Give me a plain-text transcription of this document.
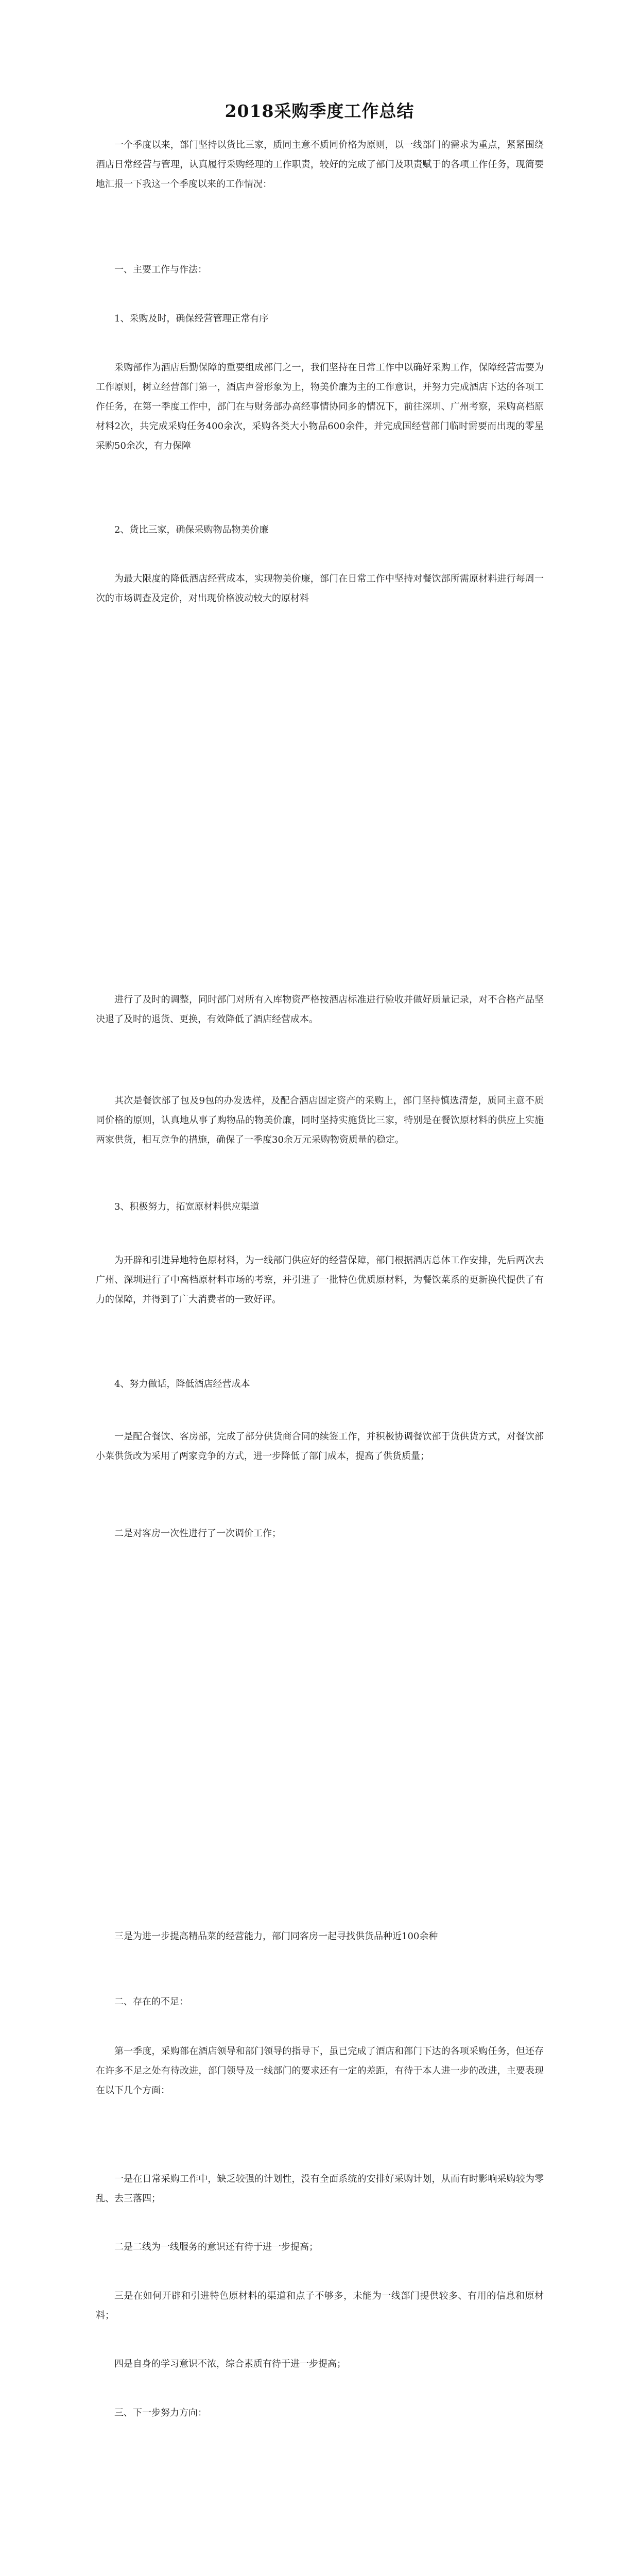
2018采购季度工作总结

一个季度以来，部门坚持以货比三家，质同主意不质同价格为原则，以一线部门的需求为重点，紧紧围绕酒店日常经营与管理，认真履行采购经理的工作职责，较好的完成了部门及职责赋于的各项工作任务，现简要地汇报一下我这一个季度以来的工作情况：

一、主要工作与作法：

1、采购及时，确保经营管理正常有序

采购部作为酒店后勤保障的重要组成部门之一，我们坚持在日常工作中以确好采购工作，保障经营需要为工作原则，树立经营部门第一，酒店声誉形象为上，物美价廉为主的工作意识，并努力完成酒店下达的各项工作任务，在第一季度工作中，部门在与财务部办高经事情协同多的情况下，前往深圳、广州考察，采购高档原材料2次，共完成采购任务400余次，采购各类大小物品600余件，并完成国经营部门临时需要而出现的零星采购50余次，有力保障

2、货比三家，确保采购物品物美价廉

为最大限度的降低酒店经营成本，实现物美价廉，部门在日常工作中坚持对餐饮部所需原材料进行每周一次的市场调查及定价，对出现价格波动较大的原材料

进行了及时的调整，同时部门对所有入库物资严格按酒店标准进行验收并做好质量记录，对不合格产品坚决退了及时的退货、更换，有效降低了酒店经营成本。

其次是餐饮部了包及9包的办发选样，及配合酒店固定资产的采购上，部门坚持慎选清楚，质同主意不质同价格的原则，认真地从事了购物品的物美价廉，同时坚持实施货比三家，特别是在餐饮原材料的供应上实施两家供货，相互竞争的措施，确保了一季度30余万元采购物资质量的稳定。

3、积极努力，拓宽原材料供应渠道

为开辟和引进异地特色原材料，为一线部门供应好的经营保障，部门根据酒店总体工作安排，先后两次去广州、深圳进行了中高档原材料市场的考察，并引进了一批特色优质原材料，为餐饮菜系的更新换代提供了有力的保障，并得到了广大消费者的一致好评。

4、努力做话，降低酒店经营成本

一是配合餐饮、客房部，完成了部分供货商合同的续签工作，并积极协调餐饮部于货供货方式，对餐饮部小菜供货改为采用了两家竞争的方式，进一步降低了部门成本，提高了供货质量；

二是对客房一次性进行了一次调价工作；

三是为进一步提高精品菜的经营能力，部门同客房一起寻找供货品种近100余种

二、存在的不足：

第一季度，采购部在酒店领导和部门领导的指导下，虽已完成了酒店和部门下达的各项采购任务，但还存在许多不足之处有待改进，部门领导及一线部门的要求还有一定的差距，有待于本人进一步的改进，主要表现在以下几个方面：

一是在日常采购工作中，缺乏较强的计划性，没有全面系统的安排好采购计划，从而有时影响采购较为零乱、去三落四；

二是二线为一线服务的意识还有待于进一步提高；

三是在如何开辟和引进特色原材料的渠道和点子不够多，未能为一线部门提供较多、有用的信息和原材料；

四是自身的学习意识不浓，综合素质有待于进一步提高；

三、下一步努力方向：
